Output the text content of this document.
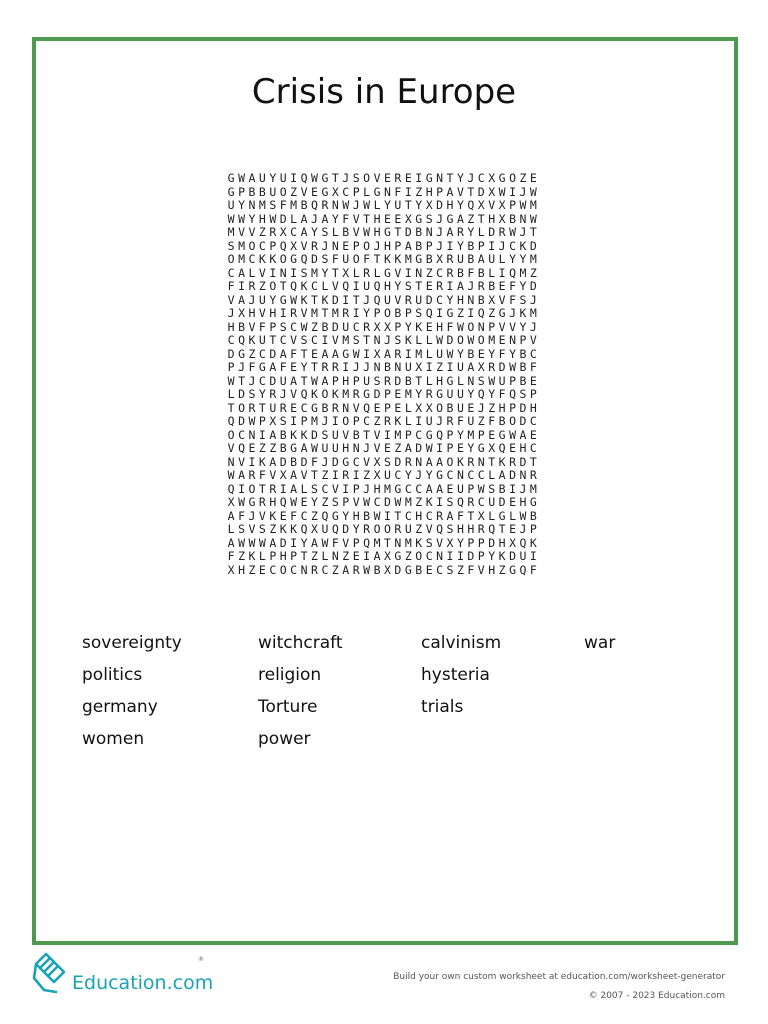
Crisis in Europe
GWAUYUIQWGTJSOVEREIGNTYJCXGOZE
GPBBUOZVEGXCPLGNFIZHPAVTDXWIJW
UYNMSFMBQRNWJWLYUTYXDHYQXVXPWM
WWYHWDLAJAYFVTHEEXGSJGAZTHXBNW
MVVZRXCAYSLBVWHGTDBNJARYLDRWJT
SMOCPQXVRJNEPOJHPABPJIYBPIJCKD
OMCKKOGQDSFUOFTKKMGBXRUBAULYYM
CALVINISMYTXLRLGVINZCRBFBLIQMZ
FIRZOTQKCLVQIUQHYSTERIAJRBEFYD
VAJUYGWKTKDITJQUVRUDCYHNBXVFSJ
JXHVHIRVMTMRIYPOBPSQIGZIQZGJKM
HBVFPSCWZBDUCRXXPYKEHFWONPVVYJ
CQKUTCVSCIVMSTNJSKLLWDOWOMENPV
DGZCDAFTEAAGWIXARIMLUWYBEYFYBC
PJFGAFEYTRRIJJNBNUXIZIUAXRDWBF
WTJCDUATWAPHPUSRDBTLHGLNSWUPBE
LDSYRJVQKOKMRGDPEMYRGUUYQYFQSP
TORTURECGBRNVQEPELXXOBUEJZHPDH
QDWPXSIPMJIOPCZRKLIUJRFUZFBODC
OCNIABKKDSUVBTVIMPCGQPYMPEGWAE
VQEZZBGAWUUHNJVEZADWIPEYGXQEHC
NVIKADBDFJDGCVXSDRNAAOKRNTKRDT
WARFVXAVTZIRIZXUCYJYGCNCCLADNR
QIOTRIALSCVIPJHMGCCAAEUPWSBIJM
XWGRHQWEYZSPVWCDWMZKISQRCUDEHG
AFJVKEFCZQGYHBWITCHCRAFTXLGLWB
LSVSZKKQXUQDYROORUZVQSHHRQTEJP
AWWWADIYAWFVPQMTNMKSVXYPPDHXQK
FZKLPHPTZLNZEIAXGZOCNIIDPYKDUI
XHZECOCNRCZARWBXDGBECSZFVHZGQF
sovereignty	witchcraft	calvinism	war
politics	religion	hysteria
germany	Torture	trials
women	power
Education.com
®
Build your own custom worksheet at education.com/worksheet-generator
© 2007 - 2023 Education.com
